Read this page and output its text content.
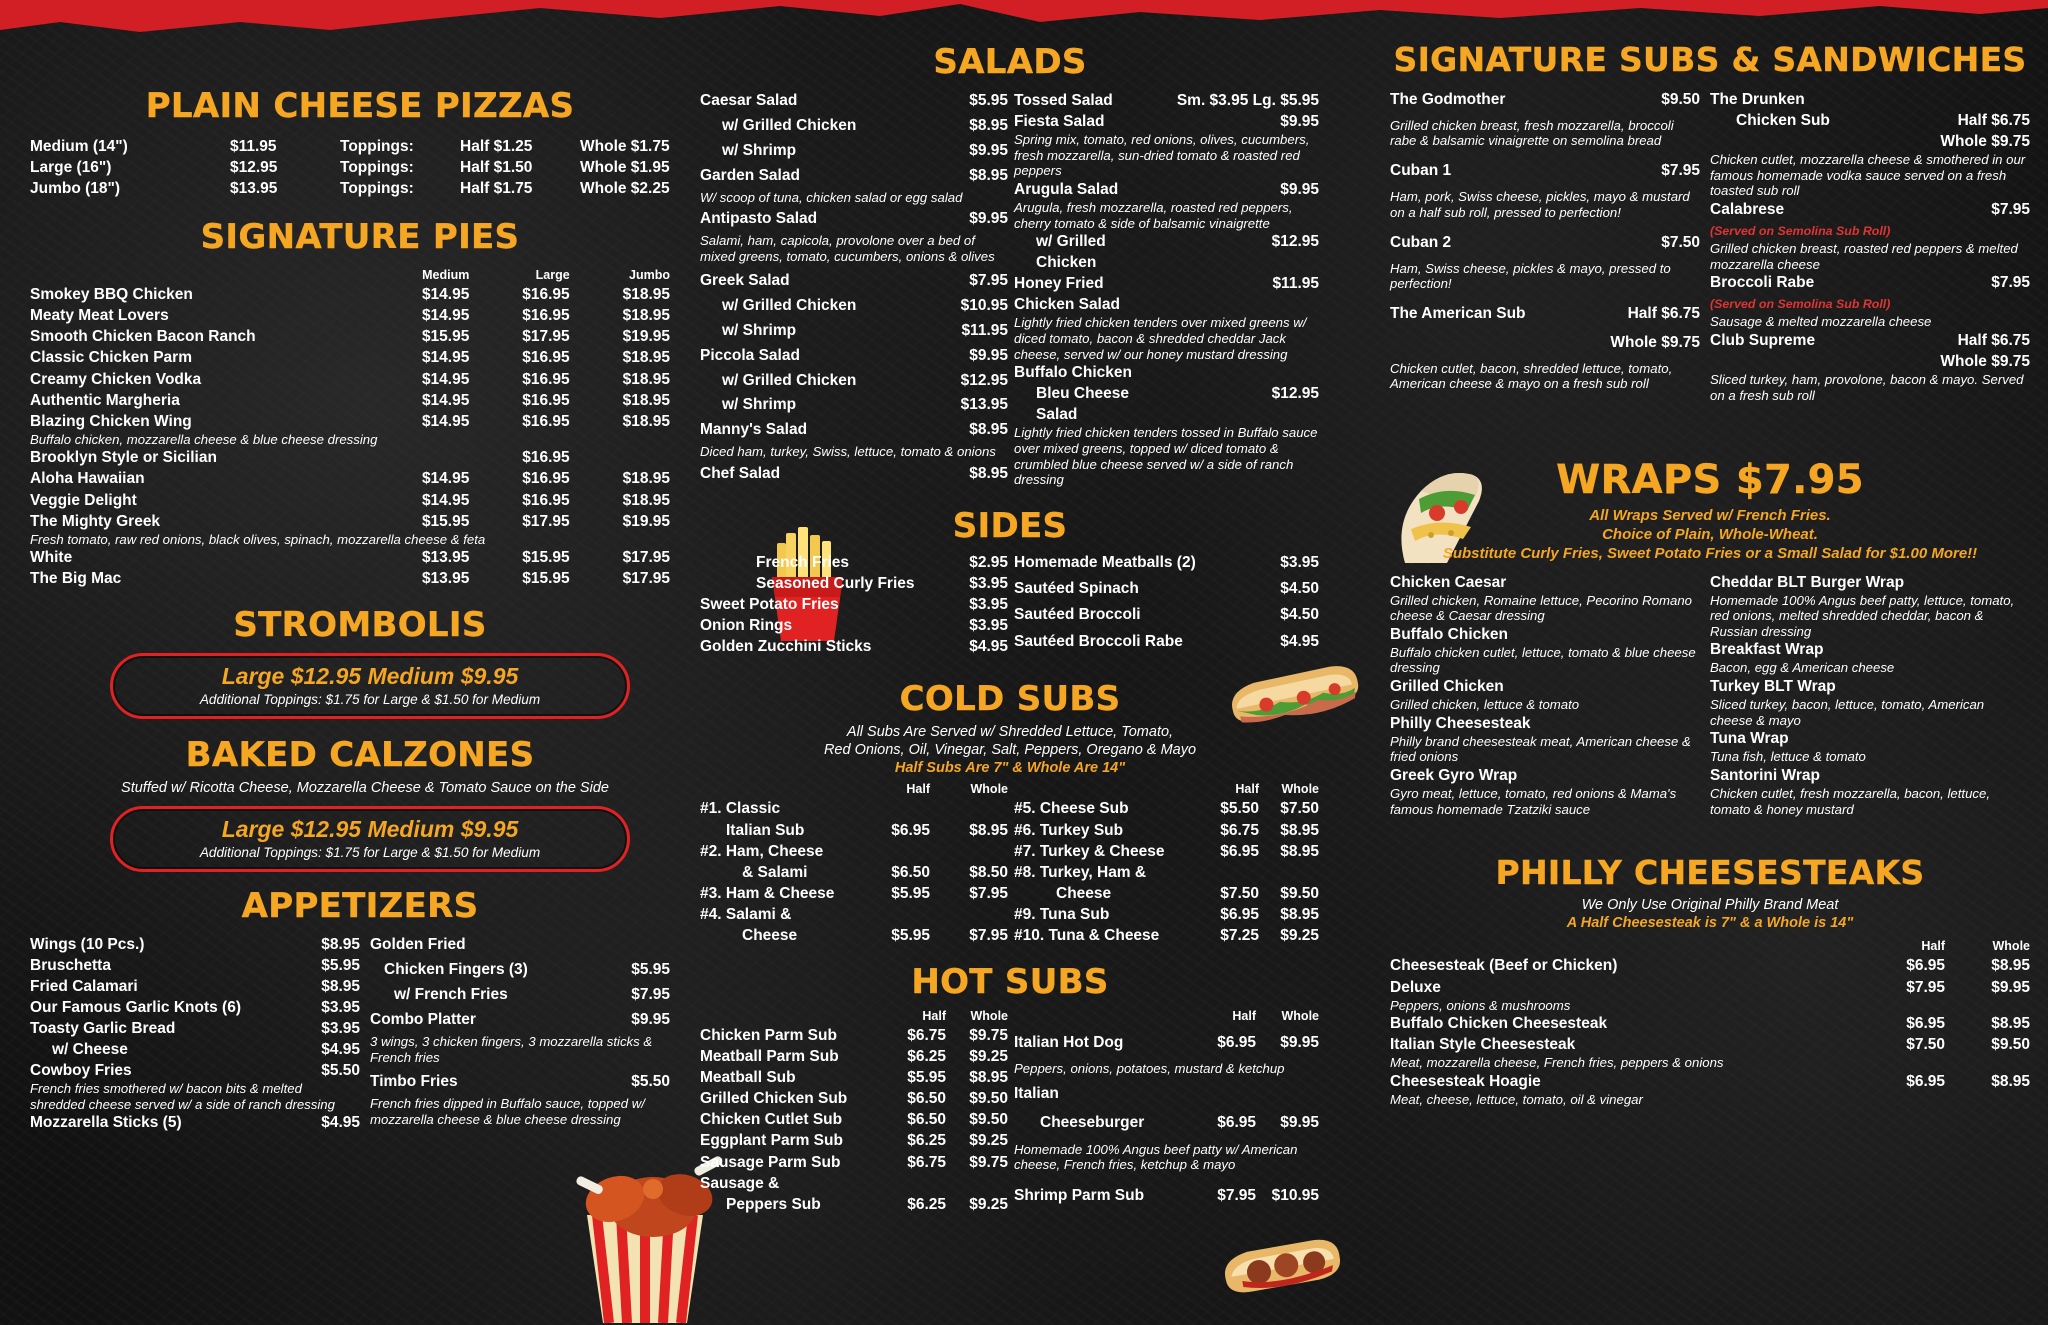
PLAIN CHEESE PIZZAS
Medium (14")	$11.95	Toppings:	Half $1.25	Whole $1.75
Large (16")	$12.95	Toppings:	Half $1.50	Whole $1.95
Jumbo (18")	$13.95	Toppings:	Half $1.75	Whole $2.25
SIGNATURE PIES
	Medium	Large	Jumbo
Smokey BBQ Chicken	$14.95	$16.95	$18.95
Meaty Meat Lovers	$14.95	$16.95	$18.95
Smooth Chicken Bacon Ranch	$15.95	$17.95	$19.95
Classic Chicken Parm	$14.95	$16.95	$18.95
Creamy Chicken Vodka	$14.95	$16.95	$18.95
Authentic Margheria	$14.95	$16.95	$18.95
Blazing Chicken Wing	$14.95	$16.95	$18.95
Buffalo chicken, mozzarella cheese & blue cheese dressing			
Brooklyn Style or Sicilian		$16.95	
Aloha Hawaiian	$14.95	$16.95	$18.95
Veggie Delight	$14.95	$16.95	$18.95
The Mighty Greek	$15.95	$17.95	$19.95
Fresh tomato, raw red onions, black olives, spinach, mozzarella cheese & feta			
White	$13.95	$15.95	$17.95
The Big Mac	$13.95	$15.95	$17.95
STROMBOLIS
Large $12.95 Medium $9.95
Additional Toppings: $1.75 for Large & $1.50 for Medium
BAKED CALZONES
Stuffed w/ Ricotta Cheese, Mozzarella Cheese & Tomato Sauce on the Side
Large $12.95 Medium $9.95
Additional Toppings: $1.75 for Large & $1.50 for Medium
APPETIZERS
Wings (10 Pcs.)	$8.95
Bruschetta	$5.95
Fried Calamari	$8.95
Our Famous Garlic Knots (6)	$3.95
Toasty Garlic Bread	$3.95
w/ Cheese	$4.95
Cowboy Fries	$5.50
French fries smothered w/ bacon bits & melted shredded cheese served w/ a side of ranch dressing	
Mozzarella Sticks (5)	$4.95
Golden Fried	
Chicken Fingers (3)	$5.95
w/ French Fries	$7.95
Combo Platter	$9.95
3 wings, 3 chicken fingers, 3 mozzarella sticks & French fries	
Timbo Fries	$5.50
French fries dipped in Buffalo sauce, topped w/ mozzarella cheese & blue cheese dressing	
SALADS
Caesar Salad	$5.95
w/ Grilled Chicken	$8.95
w/ Shrimp	$9.95
Garden Salad	$8.95
W/ scoop of tuna, chicken salad or egg salad	
Antipasto Salad	$9.95
Salami, ham, capicola, provolone over a bed of mixed greens, tomato, cucumbers, onions & olives	
Greek Salad	$7.95
w/ Grilled Chicken	$10.95
w/ Shrimp	$11.95
Piccola Salad	$9.95
w/ Grilled Chicken	$12.95
w/ Shrimp	$13.95
Manny's Salad	$8.95
Diced ham, turkey, Swiss, lettuce, tomato & onions	
Chef Salad	$8.95
Tossed Salad	Sm. $3.95 Lg. $5.95
Fiesta Salad	$9.95
Spring mix, tomato, red onions, olives, cucumbers, fresh mozzarella, sun-dried tomato & roasted red peppers	
Arugula Salad	$9.95
Arugula, fresh mozzarella, roasted red peppers, cherry tomato & side of balsamic vinaigrette	
w/ Grilled Chicken	$12.95
Honey Fried Chicken Salad	$11.95
Lightly fried chicken tenders over mixed greens w/ diced tomato, bacon & shredded cheddar Jack cheese, served w/ our honey mustard dressing	
Buffalo Chicken	
Bleu Cheese Salad	$12.95
Lightly fried chicken tenders tossed in Buffalo sauce over mixed greens, topped w/ diced tomato & crumbled blue cheese served w/ a side of ranch dressing	
SIDES
French Fries	$2.95
Seasoned Curly Fries	$3.95
Sweet Potato Fries	$3.95
Onion Rings	$3.95
Golden Zucchini Sticks	$4.95
Homemade Meatballs (2)	$3.95
Sautéed Spinach	$4.50
Sautéed Broccoli	$4.50
Sautéed Broccoli Rabe	$4.95
COLD SUBS
All Subs Are Served w/ Shredded Lettuce, Tomato,
Red Onions, Oil, Vinegar, Salt, Peppers, Oregano & Mayo
Half Subs Are 7" & Whole Are 14"
	Half	Whole
#1. Classic		
Italian Sub	$6.95	$8.95
#2. Ham, Cheese		
& Salami	$6.50	$8.50
#3. Ham & Cheese	$5.95	$7.95
#4. Salami &		
Cheese	$5.95	$7.95
	Half	Whole
#5. Cheese Sub	$5.50	$7.50
#6. Turkey Sub	$6.75	$8.95
#7. Turkey & Cheese	$6.95	$8.95
#8. Turkey, Ham &		
Cheese	$7.50	$9.50
#9. Tuna Sub	$6.95	$8.95
#10. Tuna & Cheese	$7.25	$9.25
HOT SUBS
	Half	Whole
Chicken Parm Sub	$6.75	$9.75
Meatball Parm Sub	$6.25	$9.25
Meatball Sub	$5.95	$8.95
Grilled Chicken Sub	$6.50	$9.50
Chicken Cutlet Sub	$6.50	$9.50
Eggplant Parm Sub	$6.25	$9.25
Sausage Parm Sub	$6.75	$9.75
Sausage &		
Peppers Sub	$6.25	$9.25
	Half	Whole
Italian Hot Dog	$6.95	$9.95
Peppers, onions, potatoes, mustard & ketchup		
Italian		
Cheeseburger	$6.95	$9.95
Homemade 100% Angus beef patty w/ American cheese, French fries, ketchup & mayo		
Shrimp Parm Sub	$7.95	$10.95
SIGNATURE SUBS & SANDWICHES
The Godmother	$9.50
Grilled chicken breast, fresh mozzarella, broccoli rabe & balsamic vinaigrette on semolina bread	
Cuban 1	$7.95
Ham, pork, Swiss cheese, pickles, mayo & mustard on a half sub roll, pressed to perfection!	
Cuban 2	$7.50
Ham, Swiss cheese, pickles & mayo, pressed to perfection!	
The American Sub	Half $6.75
	Whole $9.75
Chicken cutlet, bacon, shredded lettuce, tomato, American cheese & mayo on a fresh sub roll	
The Drunken	
Chicken Sub	Half $6.75
	Whole $9.75
Chicken cutlet, mozzarella cheese & smothered in our famous homemade vodka sauce served on a fresh toasted sub roll	
Calabrese	$7.95
(Served on Semolina Sub Roll)	
Grilled chicken breast, roasted red peppers & melted mozzarella cheese	
Broccoli Rabe	$7.95
(Served on Semolina Sub Roll)	
Sausage & melted mozzarella cheese	
Club Supreme	Half $6.75
	Whole $9.75
Sliced turkey, ham, provolone, bacon & mayo. Served on a fresh sub roll	
WRAPS $7.95
All Wraps Served w/ French Fries.
Choice of Plain, Whole-Wheat.
Substitute Curly Fries, Sweet Potato Fries or a Small Salad for $1.00 More!!
Chicken Caesar
Grilled chicken, Romaine lettuce, Pecorino Romano cheese & Caesar dressing
Buffalo Chicken
Buffalo chicken cutlet, lettuce, tomato & blue cheese dressing
Grilled Chicken
Grilled chicken, lettuce & tomato
Philly Cheesesteak
Philly brand cheesesteak meat, American cheese & fried onions
Greek Gyro Wrap
Gyro meat, lettuce, tomato, red onions & Mama's famous homemade Tzatziki sauce
Cheddar BLT Burger Wrap
Homemade 100% Angus beef patty, lettuce, tomato, red onions, melted shredded cheddar, bacon & Russian dressing
Breakfast Wrap
Bacon, egg & American cheese
Turkey BLT Wrap
Sliced turkey, bacon, lettuce, tomato, American cheese & mayo
Tuna Wrap
Tuna fish, lettuce & tomato
Santorini Wrap
Chicken cutlet, fresh mozzarella, bacon, lettuce, tomato & honey mustard
PHILLY CHEESESTEAKS
We Only Use Original Philly Brand Meat
A Half Cheesesteak is 7" & a Whole is 14"
	Half	Whole
Cheesesteak (Beef or Chicken)	$6.95	$8.95
Deluxe	$7.95	$9.95
Peppers, onions & mushrooms		
Buffalo Chicken Cheesesteak	$6.95	$8.95
Italian Style Cheesesteak	$7.50	$9.50
Meat, mozzarella cheese, French fries, peppers & onions		
Cheesesteak Hoagie	$6.95	$8.95
Meat, cheese, lettuce, tomato, oil & vinegar		
